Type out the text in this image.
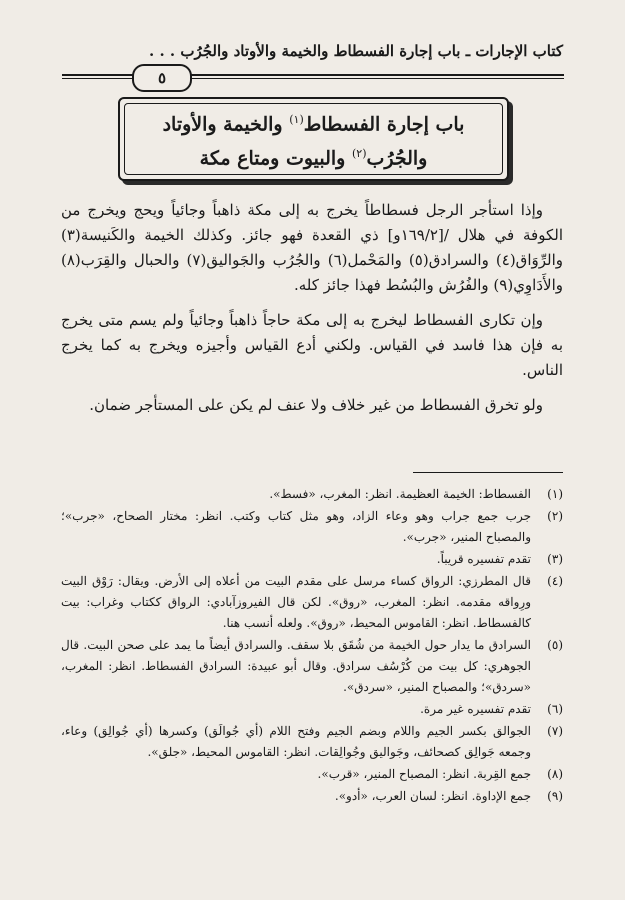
كتاب الإجارات ـ باب إجارة الفسطاط والخيمة والأوتاد والجُرُب . . .
٥
باب إجارة الفسطاط$^{(١)}$ والخيمة والأوتاد
والجُرُب$^{(٢)}$ والبيوت ومتاع مكة

وإذا استأجر الرجل فسطاطاً يخرج به إلى مكة ذاهباً وجائياً ويحج ويخرج من الكوفة في هلال /[١٦٩/٢و] ذي القعدة فهو جائز. وكذلك الخيمة والكَنيسة(٣) والرِّوَاق(٤) والسرادق(٥) والمَحْمل(٦) والجُرُب والجَواليق(٧) والحبال والقِرَب(٨) والأَدَاوِي(٩) والفُرُش والبُسُط فهذا جائز كله.

وإن تكارى الفسطاط ليخرج به إلى مكة حاجاً ذاهباً وجائياً ولم يسم متى يخرج به فإن هذا فاسد في القياس. ولكني أدع القياس وأجيزه ويخرج به كما يخرج الناس.

ولو تخرق الفسطاط من غير خلاف ولا عنف لم يكن على المستأجر ضمان.

(١)
الفسطاط: الخيمة العظيمة. انظر: المغرب، «فسط».
(٢)
جرب جمع جراب وهو وعاء الزاد، وهو مثل كتاب وكتب. انظر: مختار الصحاح، «جرب»؛ والمصباح المنير، «جرب».
(٣)
تقدم تفسيره قريباً.
(٤)
قال المطرزي: الرواق كساء مرسل على مقدم البيت من أعلاه إلى الأرض. ويقال: رَوْق البيت ورِواقه مقدمه. انظر: المغرب، «روق». لكن قال الفيروزآبادي: الرواق ككتاب وغراب: بيت كالفسطاط. انظر: القاموس المحيط، «روق». ولعله أنسب هنا.
(٥)
السرادق ما يدار حول الخيمة من شُقَق بلا سقف. والسرادق أيضاً ما يمد على صحن البيت. قال الجوهري: كل بيت من كُرْسُف سرادق. وقال أبو عبيدة: السرادق الفسطاط. انظر: المغرب، «سردق»؛ والمصباح المنير، «سردق».
(٦)
تقدم تفسيره غير مرة.
(٧)
الجوالق بكسر الجيم واللام وبضم الجيم وفتح اللام (أي جُوالَق) وكسرها (أي جُوالِق) وعاء، وجمعه جَوالِق كصحائف، وجَواليق وجُوالِقات. انظر: القاموس المحيط، «جلق».
(٨)
جمع القِربة. انظر: المصباح المنير، «قرب».
(٩)
جمع الإداوة. انظر: لسان العرب، «أدو».
